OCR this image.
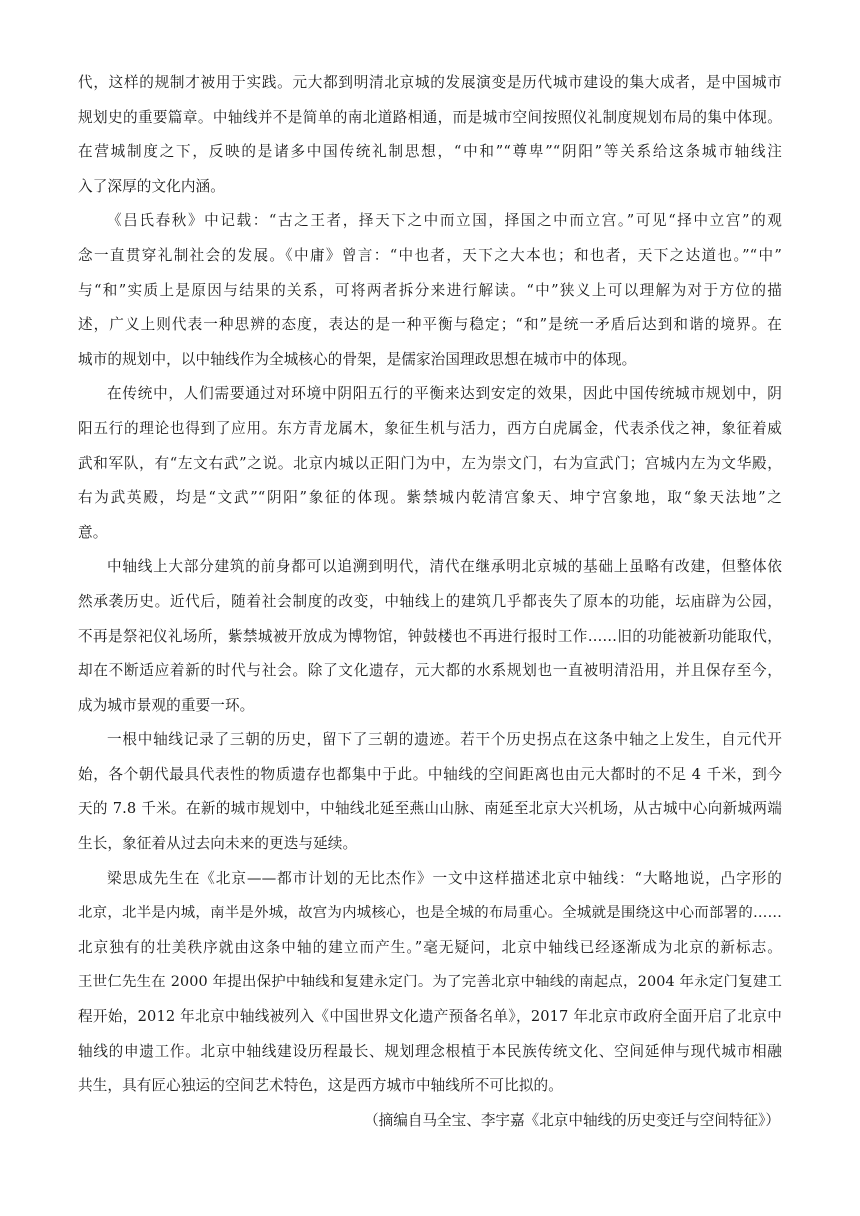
代，这样的规制才被用于实践。元大都到明清北京城的发展演变是历代城市建设的集大成者，是中国城市
规划史的重要篇章。中轴线并不是简单的南北道路相通，而是城市空间按照仪礼制度规划布局的集中体现。
在营城制度之下，反映的是诸多中国传统礼制思想，“中和”“尊卑”“阴阳”等关系给这条城市轴线注
入了深厚的文化内涵。
《吕氏春秋》中记载：“古之王者，择天下之中而立国，择国之中而立宫。”可见“择中立宫”的观
念一直贯穿礼制社会的发展。《中庸》曾言：“中也者，天下之大本也；和也者，天下之达道也。”“中”
与“和”实质上是原因与结果的关系，可将两者拆分来进行解读。“中”狭义上可以理解为对于方位的描
述，广义上则代表一种思辨的态度，表达的是一种平衡与稳定；“和”是统一矛盾后达到和谐的境界。在
城市的规划中，以中轴线作为全城核心的骨架，是儒家治国理政思想在城市中的体现。
在传统中，人们需要通过对环境中阴阳五行的平衡来达到安定的效果，因此中国传统城市规划中，阴
阳五行的理论也得到了应用。东方青龙属木，象征生机与活力，西方白虎属金，代表杀伐之神，象征着威
武和军队，有“左文右武”之说。北京内城以正阳门为中，左为崇文门，右为宣武门；宫城内左为文华殿，
右为武英殿，均是“文武”“阴阳”象征的体现。紫禁城内乾清宫象天、坤宁宫象地，取“象天法地”之
意。
中轴线上大部分建筑的前身都可以追溯到明代，清代在继承明北京城的基础上虽略有改建，但整体依
然承袭历史。近代后，随着社会制度的改变，中轴线上的建筑几乎都丧失了原本的功能，坛庙辟为公园，
不再是祭祀仪礼场所，紫禁城被开放成为博物馆，钟鼓楼也不再进行报时工作……旧的功能被新功能取代，
却在不断适应着新的时代与社会。除了文化遗存，元大都的水系规划也一直被明清沿用，并且保存至今，
成为城市景观的重要一环。
一根中轴线记录了三朝的历史，留下了三朝的遗迹。若干个历史拐点在这条中轴之上发生，自元代开
始，各个朝代最具代表性的物质遗存也都集中于此。中轴线的空间距离也由元大都时的不足 4 千米，到今
天的 7.8 千米。在新的城市规划中，中轴线北延至燕山山脉、南延至北京大兴机场，从古城中心向新城两端
生长，象征着从过去向未来的更迭与延续。
梁思成先生在《北京——都市计划的无比杰作》一文中这样描述北京中轴线：“大略地说，凸字形的
北京，北半是内城，南半是外城，故宫为内城核心，也是全城的布局重心。全城就是围绕这中心而部署的……
北京独有的壮美秩序就由这条中轴的建立而产生。”毫无疑问，北京中轴线已经逐渐成为北京的新标志。
王世仁先生在 2000 年提出保护中轴线和复建永定门。为了完善北京中轴线的南起点，2004 年永定门复建工
程开始，2012 年北京中轴线被列入《中国世界文化遗产预备名单》，2017 年北京市政府全面开启了北京中
轴线的申遗工作。北京中轴线建设历程最长、规划理念根植于本民族传统文化、空间延伸与现代城市相融
共生，具有匠心独运的空间艺术特色，这是西方城市中轴线所不可比拟的。
（摘编自马全宝、李宇嘉《北京中轴线的历史变迁与空间特征》）
